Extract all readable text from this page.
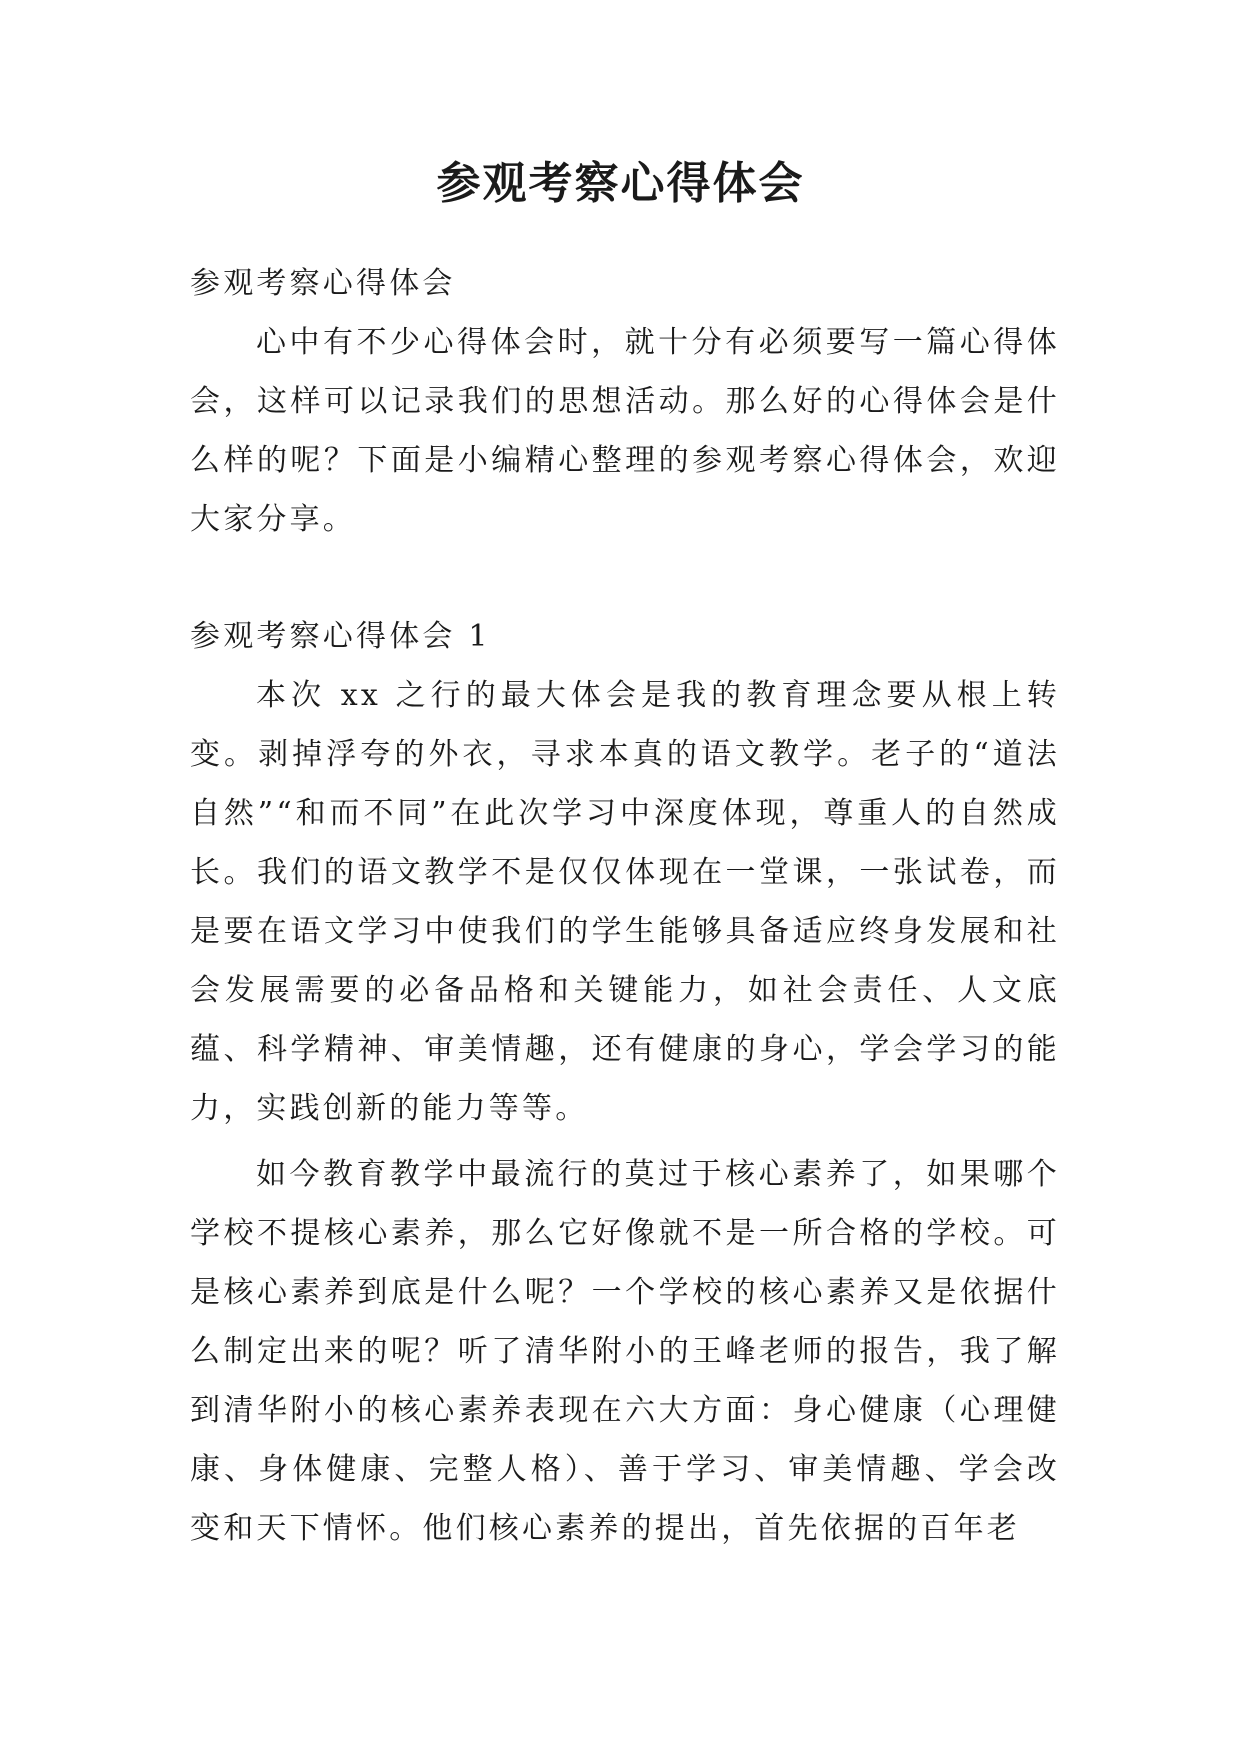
参观考察心得体会

参观考察心得体会

心中有不少心得体会时，就十分有必须要写一篇心得体会，这样可以记录我们的思想活动。那么好的心得体会是什么样的呢？下面是小编精心整理的参观考察心得体会，欢迎大家分享。

参观考察心得体会 1

本次 xx 之行的最大体会是我的教育理念要从根上转变。剥掉浮夸的外衣，寻求本真的语文教学。老子的“道法自然”“和而不同”在此次学习中深度体现，尊重人的自然成长。我们的语文教学不是仅仅体现在一堂课，一张试卷，而是要在语文学习中使我们的学生能够具备适应终身发展和社会发展需要的必备品格和关键能力，如社会责任、人文底蕴、科学精神、审美情趣，还有健康的身心，学会学习的能力，实践创新的能力等等。

如今教育教学中最流行的莫过于核心素养了，如果哪个学校不提核心素养，那么它好像就不是一所合格的学校。可是核心素养到底是什么呢？一个学校的核心素养又是依据什么制定出来的呢？听了清华附小的王峰老师的报告，我了解到清华附小的核心素养表现在六大方面：身心健康（心理健康、身体健康、完整人格）、善于学习、审美情趣、学会改变和天下情怀。他们核心素养的提出，首先依据的百年老
